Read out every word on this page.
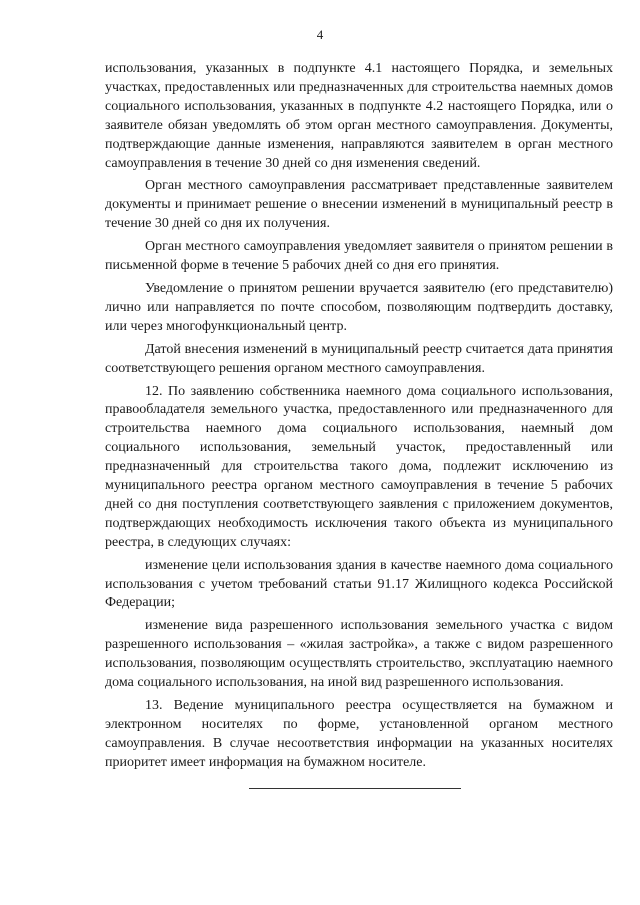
4

использования, указанных в подпункте 4.1 настоящего Порядка, и земельных участках, предоставленных или предназначенных для строительства наемных домов социального использования, указанных в подпункте 4.2 настоящего Порядка, или о заявителе обязан уведомлять об этом орган местного самоуправления. Документы, подтверждающие данные изменения, направляются заявителем в орган местного самоуправления в течение 30 дней со дня изменения сведений.

Орган местного самоуправления рассматривает представленные заявителем документы и принимает решение о внесении изменений в муниципальный реестр в течение 30 дней со дня их получения.

Орган местного самоуправления уведомляет заявителя о принятом решении в письменной форме в течение 5 рабочих дней со дня его принятия.

Уведомление о принятом решении вручается заявителю (его представителю) лично или направляется по почте способом, позволяющим подтвердить доставку, или через многофункциональный центр.

Датой внесения изменений в муниципальный реестр считается дата принятия соответствующего решения органом местного самоуправления.

12. По заявлению собственника наемного дома социального использования, правообладателя земельного участка, предоставленного или предназначенного для строительства наемного дома социального использования, наемный дом социального использования, земельный участок, предоставленный или предназначенный для строительства такого дома, подлежит исключению из муниципального реестра органом местного самоуправления в течение 5 рабочих дней со дня поступления соответствующего заявления с приложением документов, подтверждающих необходимость исключения такого объекта из муниципального реестра, в следующих случаях:

изменение цели использования здания в качестве наемного дома социального использования с учетом требований статьи 91.17 Жилищного кодекса Российской Федерации;

изменение вида разрешенного использования земельного участка с видом разрешенного использования – «жилая застройка», а также с видом разрешенного использования, позволяющим осуществлять строительство, эксплуатацию наемного дома социального использования, на иной вид разрешенного использования.

13. Ведение муниципального реестра осуществляется на бумажном и электронном носителях по форме, установленной органом местного самоуправления. В случае несоответствия информации на указанных носителях приоритет имеет информация на бумажном носителе.
